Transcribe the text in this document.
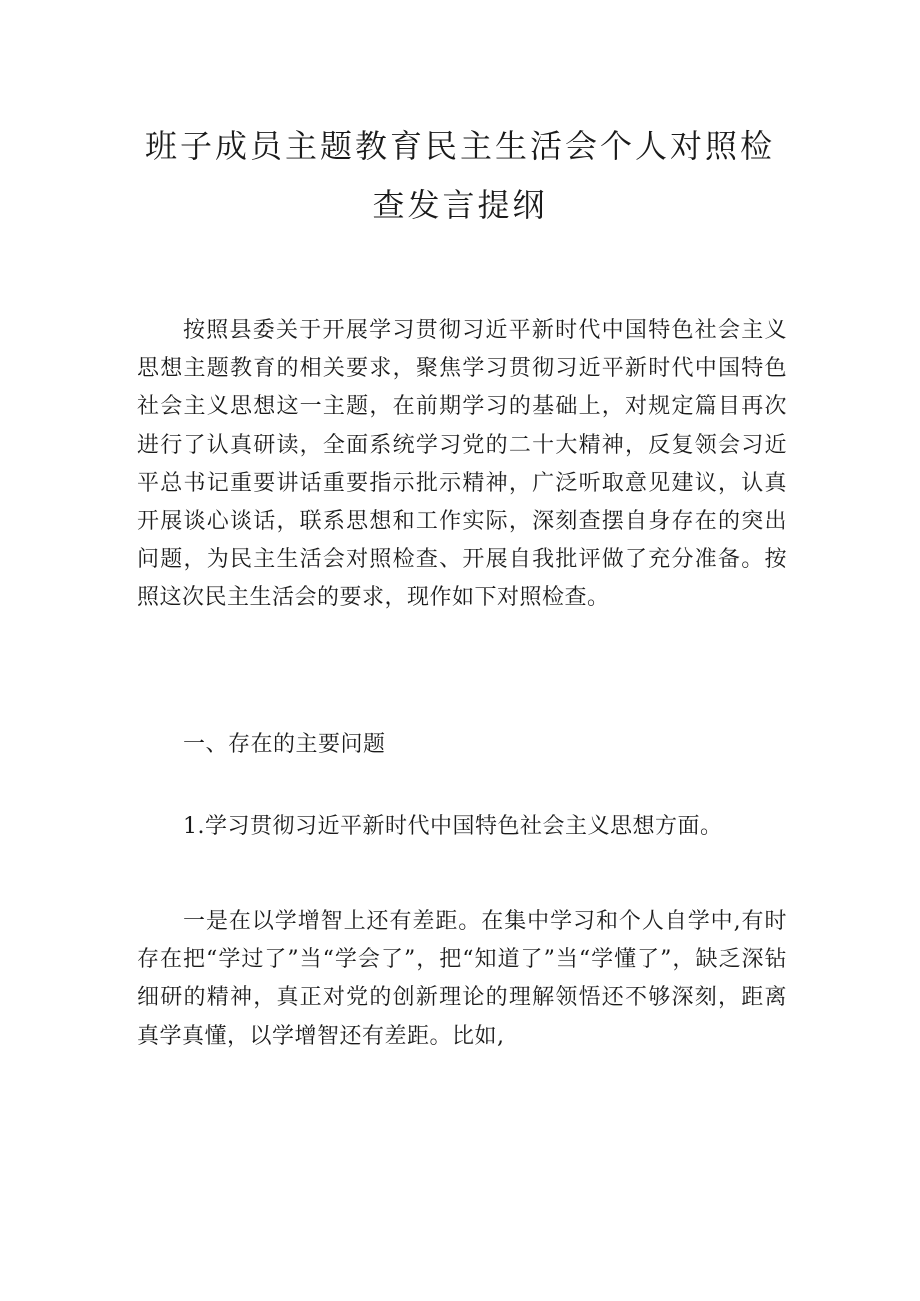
班子成员主题教育民主生活会个人对照检
查发言提纲

按照县委关于开展学习贯彻习近平新时代中国特色社会主义思想主题教育的相关要求，聚焦学习贯彻习近平新时代中国特色社会主义思想这一主题，在前期学习的基础上，对规定篇目再次进行了认真研读，全面系统学习党的二十大精神，反复领会习近平总书记重要讲话重要指示批示精神，广泛听取意见建议，认真开展谈心谈话，联系思想和工作实际，深刻查摆自身存在的突出问题，为民主生活会对照检查、开展自我批评做了充分准备。按照这次民主生活会的要求，现作如下对照检查。

一、存在的主要问题

1.学习贯彻习近平新时代中国特色社会主义思想方面。

一是在以学增智上还有差距。在集中学习和个人自学中,有时存在把“学过了”当“学会了”，把“知道了”当“学懂了”，缺乏深钻细研的精神，真正对党的创新理论的理解领悟还不够深刻，距离真学真懂，以学增智还有差距。比如,
